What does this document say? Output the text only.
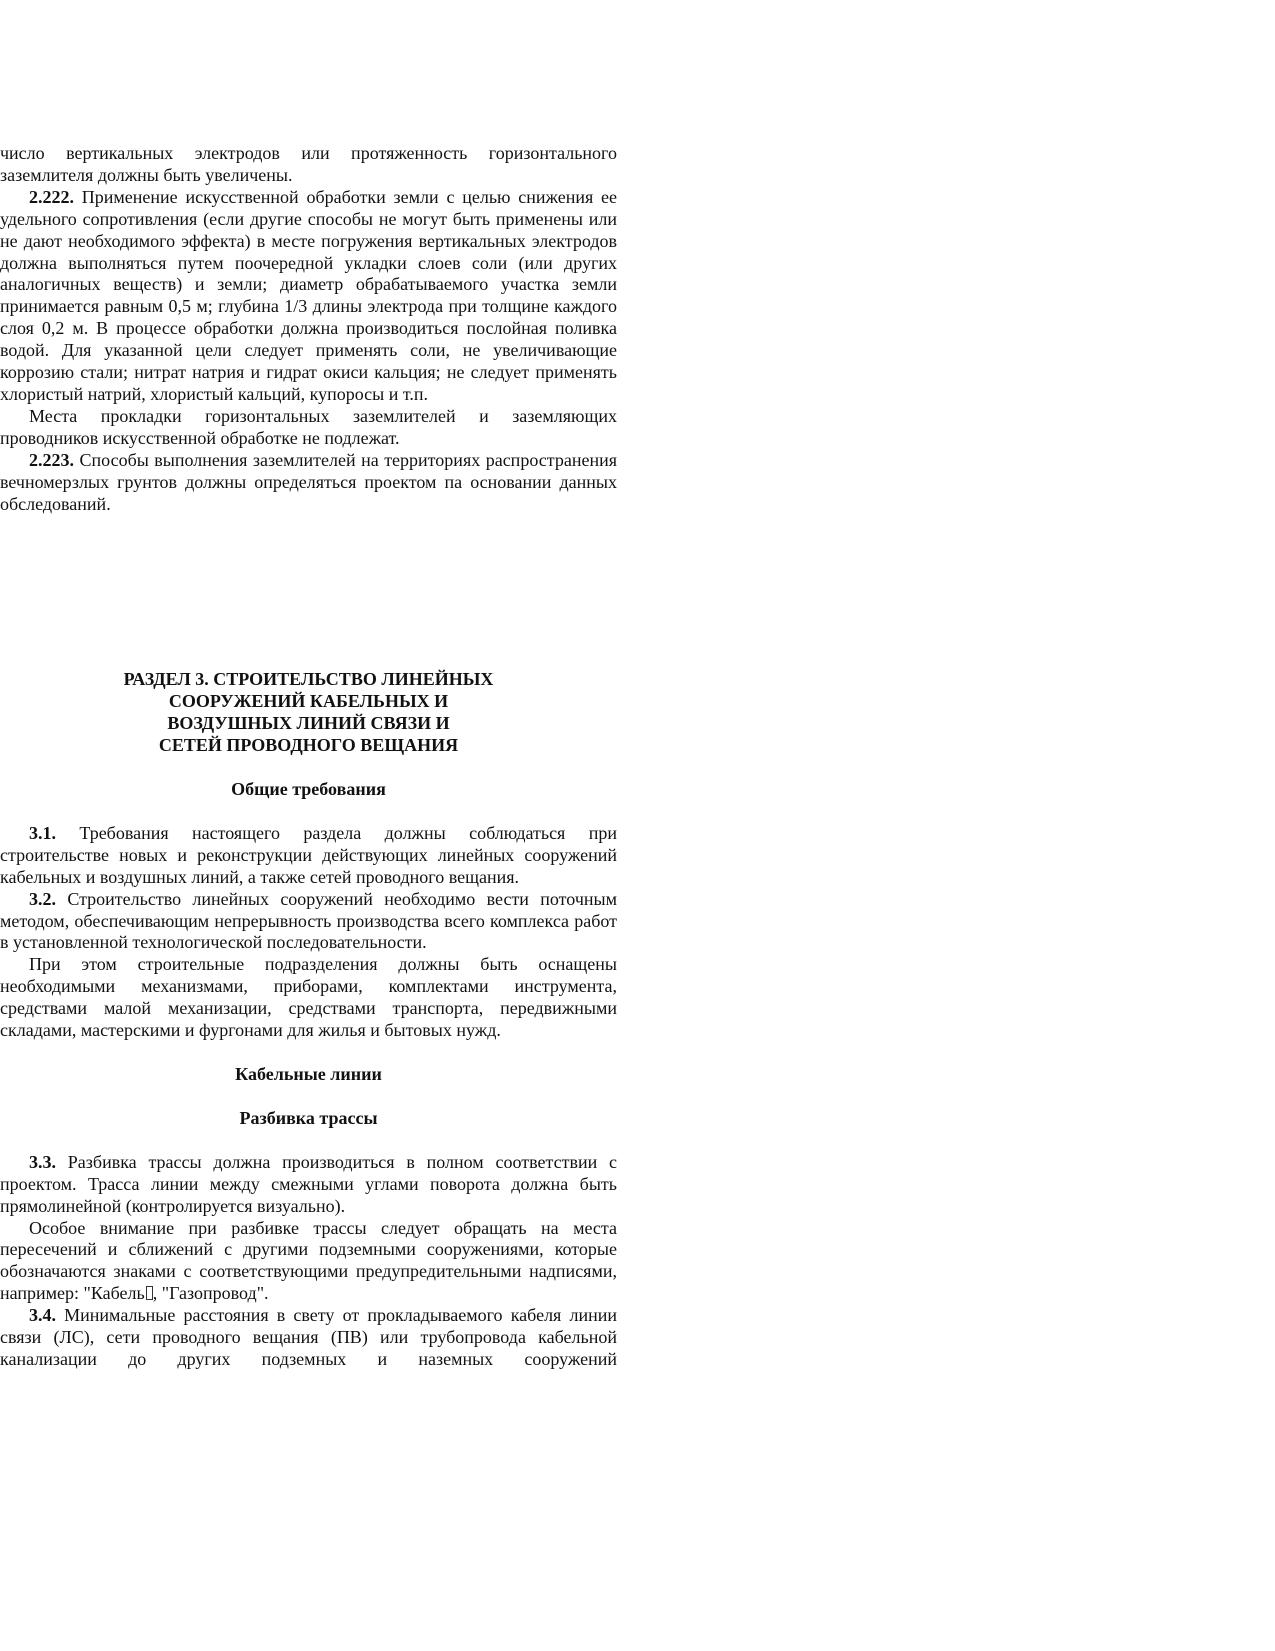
число вертикальных электродов или протяженность горизонтального заземлителя должны быть увеличены.

2.222. Применение искусственной обработки земли с целью снижения ее удельного сопротивления (если другие способы не могут быть применены или не дают необходимого эффекта) в месте погружения вертикальных электродов должна выполняться путем поочередной укладки слоев соли (или других аналогичных веществ) и земли; диаметр обрабатываемого участка земли принимается равным 0,5 м; глубина 1/3 длины электрода при толщине каждого слоя 0,2 м. В процессе обработки должна производиться послойная поливка водой. Для указанной цели следует применять соли, не увеличивающие коррозию стали; нитрат натрия и гидрат окиси кальция; не следует применять хлористый натрий, хлористый кальций, купоросы и т.п.

Места прокладки горизонтальных заземлителей и заземляющих проводников искусственной обработке не подлежат.

2.223. Способы выполнения заземлителей на территориях распространения вечномерзлых грунтов должны определяться проектом па основании данных обследований.

РАЗДЕЛ 3. СТРОИТЕЛЬСТВО ЛИНЕЙНЫХ
СООРУЖЕНИЙ КАБЕЛЬНЫХ И
ВОЗДУШНЫХ ЛИНИЙ СВЯЗИ И
СЕТЕЙ ПРОВОДНОГО ВЕЩАНИЯ
Общие требования

3.1. Требования настоящего раздела должны соблюдаться при строительстве новых и реконструкции действующих линейных сооружений кабельных и воздушных линий, а также сетей проводного вещания.

3.2. Строительство линейных сооружений необходимо вести поточным методом, обеспечивающим непрерывность производства всего комплекса работ в установленной технологической последовательности.

При этом строительные подразделения должны быть оснащены необходимыми механизмами, приборами, комплектами инструмента, средствами малой механизации, средствами транспорта, передвижными складами, мастерскими и фургонами для жилья и бытовых нужд.

Кабельные линии
Разбивка трассы

3.3. Разбивка трассы должна производиться в полном соответствии с проектом. Трасса линии между смежными углами поворота должна быть прямолинейной (контролируется визуально).

Особое внимание при разбивке трассы следует обращать на места пересечений и сближений с другими подземными сооружениями, которые обозначаются знаками с соответствующими предупредительными надписями, например: "Кабель , "Газопровод".

3.4. Минимальные расстояния в свету от прокладываемого кабеля линии связи (ЛС), сети проводного вещания (ПВ) или трубопровода кабельной канализации до других подземных и наземных сооружений
